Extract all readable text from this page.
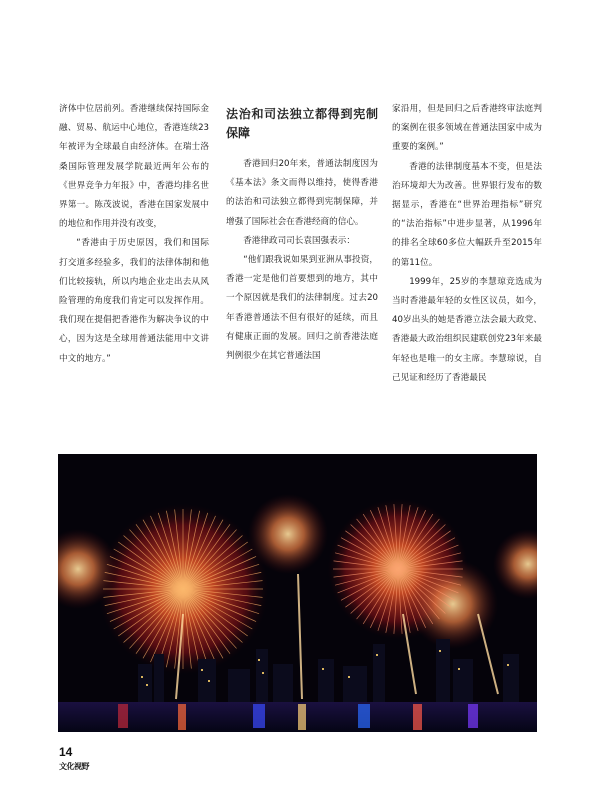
济体中位居前列。香港继续保持国际金融、贸易、航运中心地位，香港连续23年被评为全球最自由经济体。在瑞士洛桑国际管理发展学院最近两年公布的《世界竞争力年报》中，香港均排名世界第一。陈茂波说，香港在国家发展中的地位和作用并没有改变，

“香港由于历史原因，我们和国际打交道多经验多，我们的法律体制和他们比较接轨，所以内地企业走出去从风险管理的角度我们肯定可以发挥作用。我们现在提倡把香港作为解决争议的中心，因为这是全球用普通法能用中文讲中文的地方。”

法治和司法独立都得到宪制保障

香港回归20年来，普通法制度因为《基本法》条文而得以维持，使得香港的法治和司法独立都得到宪制保障，并增强了国际社会在香港经商的信心。

香港律政司司长袁国强表示：

“他们跟我说如果到亚洲从事投资，香港一定是他们首要想到的地方，其中一个原因就是我们的法律制度。过去20年香港普通法不但有很好的延续，而且有健康正面的发展。回归之前香港法庭判例很少在其它普通法国

家沿用，但是回归之后香港终审法庭判的案例在很多领域在普通法国家中成为重要的案例。”

香港的法律制度基本不变，但是法治环境却大为改善。世界银行发布的数据显示，香港在“世界治理指标”研究的“法治指标”中进步显著，从1996年的排名全球60多位大幅跃升至2015年的第11位。

1999年，25岁的李慧琼竞选成为当时香港最年轻的女性区议员，如今，40岁出头的她是香港立法会最大政党、香港最大政治组织民建联创党23年来最年轻也是唯一的女主席。李慧琼说，自己见证和经历了香港最民

14
文化视野
